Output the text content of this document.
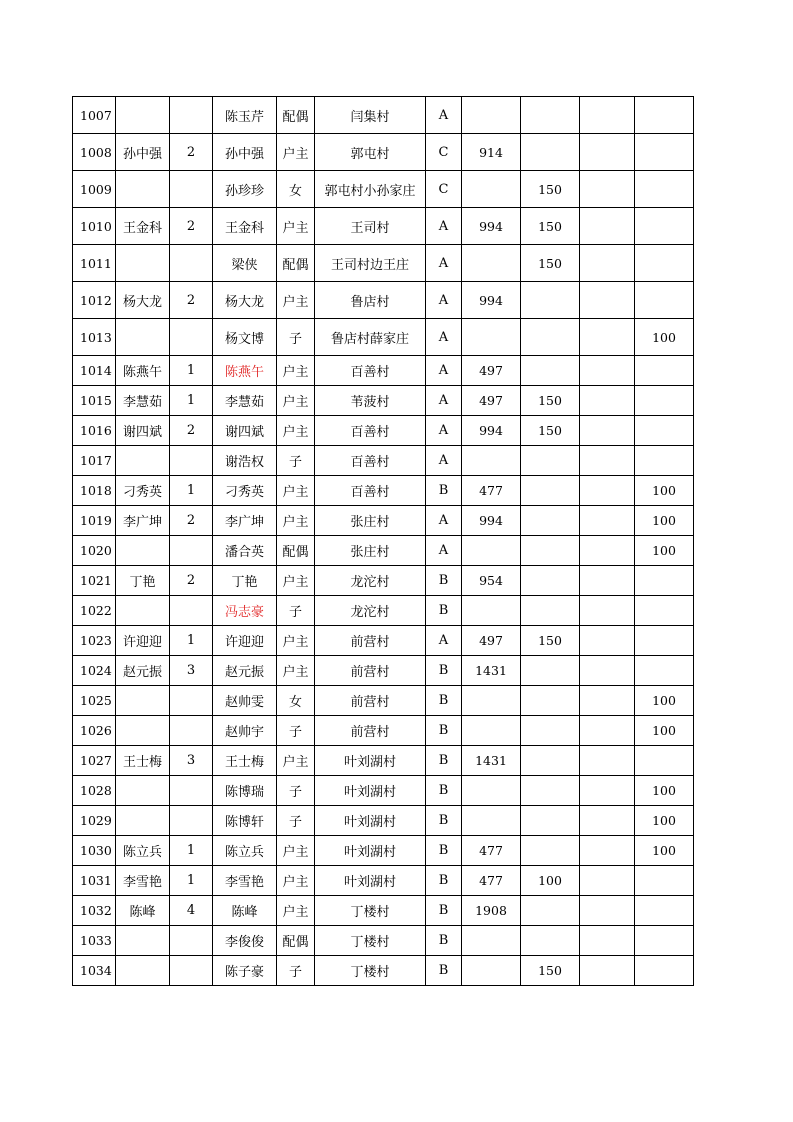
1007			陈玉芹	配偶	闫集村	A				
1008	孙中强	2	孙中强	户主	郭屯村	C	914			
1009			孙珍珍	女	郭屯村小孙家庄	C		150		
1010	王金科	2	王金科	户主	王司村	A	994	150		
1011			梁侠	配偶	王司村边王庄	A		150		
1012	杨大龙	2	杨大龙	户主	鲁店村	A	994			
1013			杨文博	子	鲁店村薛家庄	A				100
1014	陈燕午	1	陈燕午	户主	百善村	A	497			
1015	李慧茹	1	李慧茹	户主	苇菠村	A	497	150		
1016	谢四斌	2	谢四斌	户主	百善村	A	994	150		
1017			谢浩权	子	百善村	A				
1018	刁秀英	1	刁秀英	户主	百善村	B	477			100
1019	李广坤	2	李广坤	户主	张庄村	A	994			100
1020			潘合英	配偶	张庄村	A				100
1021	丁艳	2	丁艳	户主	龙沱村	B	954			
1022			冯志豪	子	龙沱村	B				
1023	许迎迎	1	许迎迎	户主	前营村	A	497	150		
1024	赵元振	3	赵元振	户主	前营村	B	1431			
1025			赵帅雯	女	前营村	B				100
1026			赵帅宇	子	前营村	B				100
1027	王士梅	3	王士梅	户主	叶刘湖村	B	1431			
1028			陈博瑞	子	叶刘湖村	B				100
1029			陈博轩	子	叶刘湖村	B				100
1030	陈立兵	1	陈立兵	户主	叶刘湖村	B	477			100
1031	李雪艳	1	李雪艳	户主	叶刘湖村	B	477	100		
1032	陈峰	4	陈峰	户主	丁楼村	B	1908			
1033			李俊俊	配偶	丁楼村	B				
1034			陈子豪	子	丁楼村	B		150		
